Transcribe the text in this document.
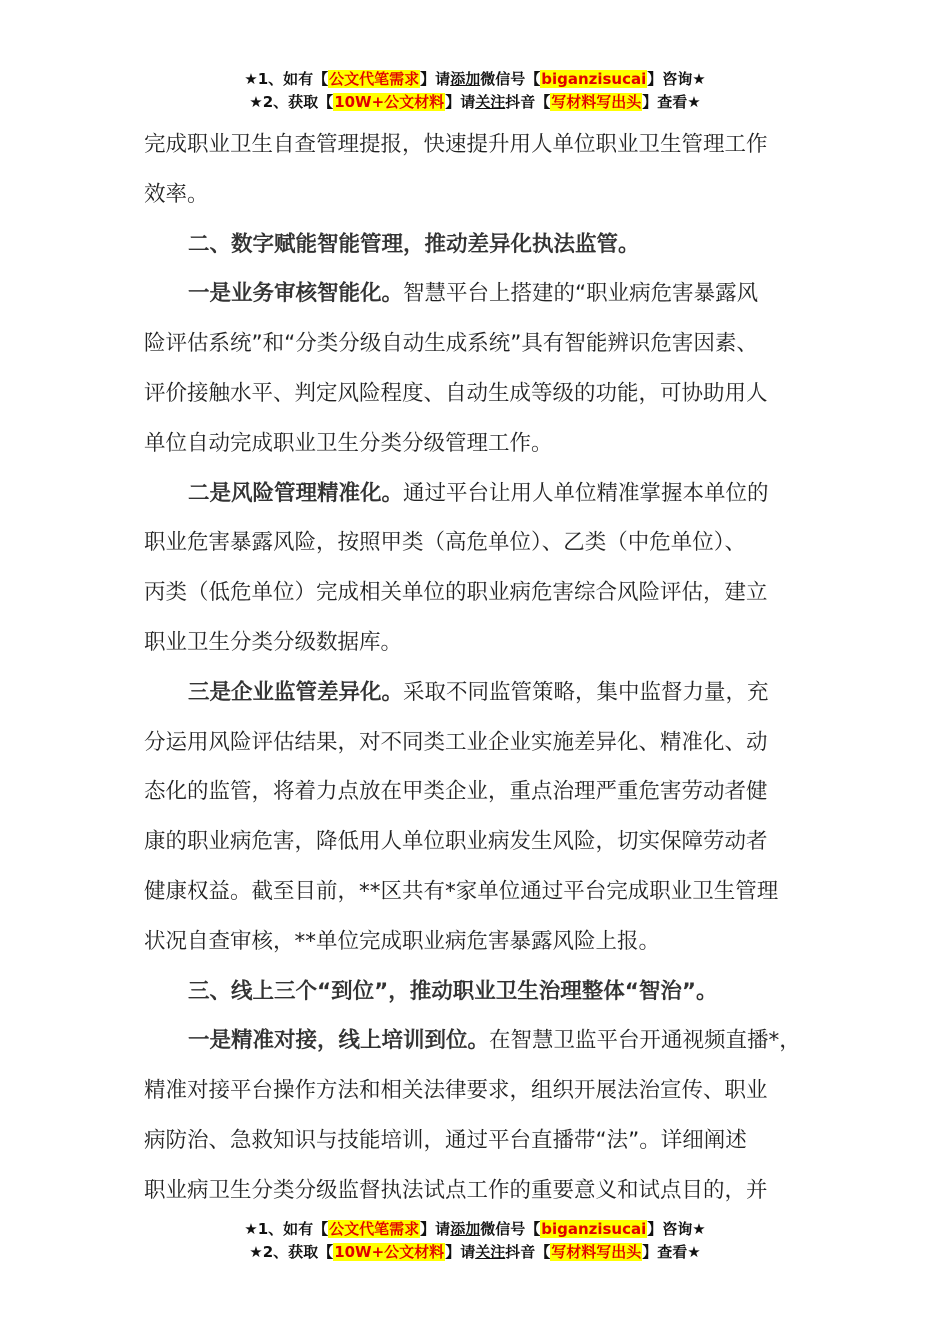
★1、如有【公文代笔需求】请添加微信号【biganzisucai】咨询★
★2、获取【10W+公文材料】请关注抖音【写材料写出头】查看★
完成职业卫生自查管理提报，快速提升用人单位职业卫生管理工作
效率。
二、数字赋能智能管理，推动差异化执法监管。
一是业务审核智能化。智慧平台上搭建的“职业病危害暴露风
险评估系统”和“分类分级自动生成系统”具有智能辨识危害因素、
评价接触水平、判定风险程度、自动生成等级的功能，可协助用人
单位自动完成职业卫生分类分级管理工作。
二是风险管理精准化。通过平台让用人单位精准掌握本单位的
职业危害暴露风险，按照甲类（高危单位）、乙类（中危单位）、
丙类（低危单位）完成相关单位的职业病危害综合风险评估，建立
职业卫生分类分级数据库。
三是企业监管差异化。采取不同监管策略，集中监督力量，充
分运用风险评估结果，对不同类工业企业实施差异化、精准化、动
态化的监管，将着力点放在甲类企业，重点治理严重危害劳动者健
康的职业病危害，降低用人单位职业病发生风险，切实保障劳动者
健康权益。截至目前，**区共有*家单位通过平台完成职业卫生管理
状况自查审核，**单位完成职业病危害暴露风险上报。
三、线上三个“到位”，推动职业卫生治理整体“智治”。
一是精准对接，线上培训到位。在智慧卫监平台开通视频直播*，
精准对接平台操作方法和相关法律要求，组织开展法治宣传、职业
病防治、急救知识与技能培训，通过平台直播带“法”。详细阐述
职业病卫生分类分级监督执法试点工作的重要意义和试点目的，并
★1、如有【公文代笔需求】请添加微信号【biganzisucai】咨询★
★2、获取【10W+公文材料】请关注抖音【写材料写出头】查看★
